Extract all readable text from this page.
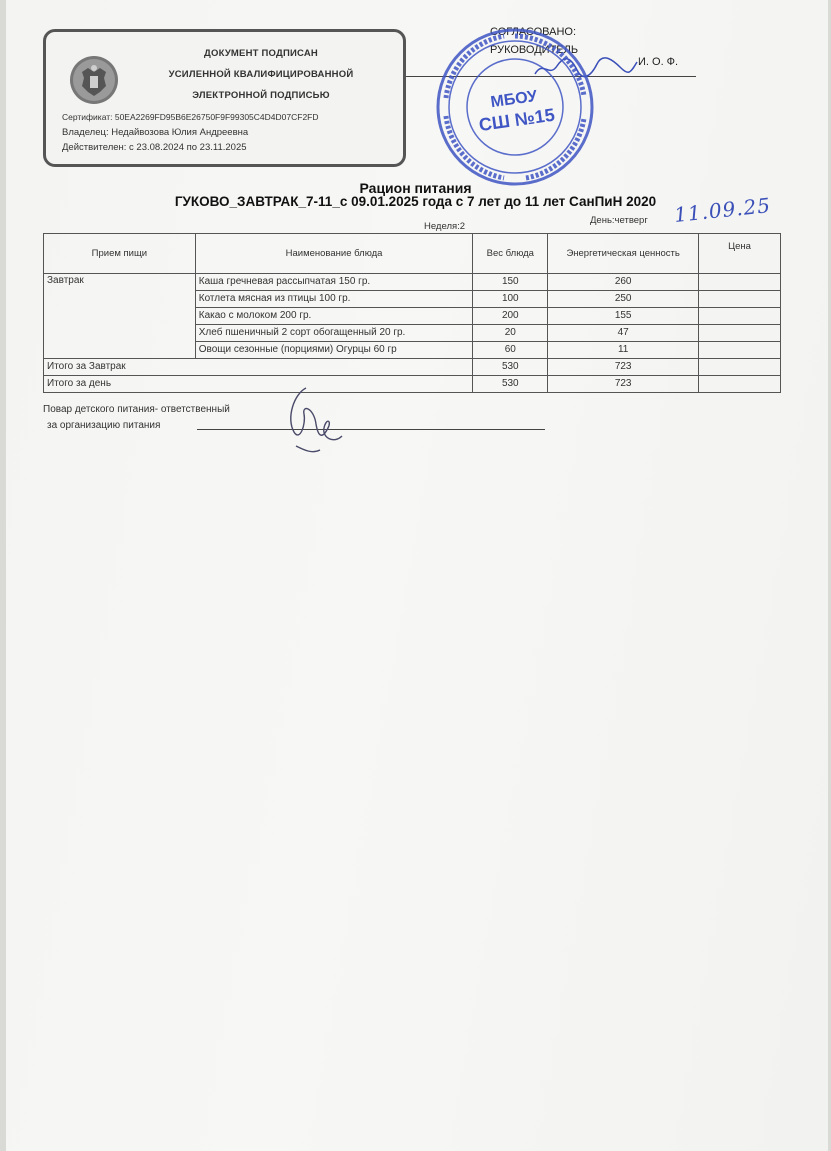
ДОКУМЕНТ ПОДПИСАН
УСИЛЕННОЙ КВАЛИФИЦИРОВАННОЙ
ЭЛЕКТРОННОЙ ПОДПИСЬЮ
Сертификат: 50EA2269FD95B6E26750F9F99305C4D4D07CF2FD
Владелец: Недайвозова Юлия Андреевна
Действителен: с 23.08.2024 по 23.11.2025
СОГЛАСОВАНО:
РУКОВОДИТЕЛЬ
И. О. Ф.
МБОУ
СШ №15
Рацион питания
ГУКОВО_ЗАВТРАК_7-11_с 09.01.2025 года с 7 лет до 11 лет СанПиН 2020
Неделя:2
День:четверг 11.09.25
Прием пищи	Наименование блюда	Вес блюда	Энергетическая ценность	Цена
Завтрак	Каша гречневая рассыпчатая 150 гр.	150	260	
	Котлета мясная из птицы 100 гр.	100	250	
	Какао с молоком 200 гр.	200	155	
	Хлеб пшеничный 2 сорт обогащенный 20 гр.	20	47	
	Овощи сезонные (порциями) Огурцы 60 гр	60	11	
Итого за Завтрак		530	723	
Итого за день		530	723	
Повар детского питания- ответственный
за организацию питания
